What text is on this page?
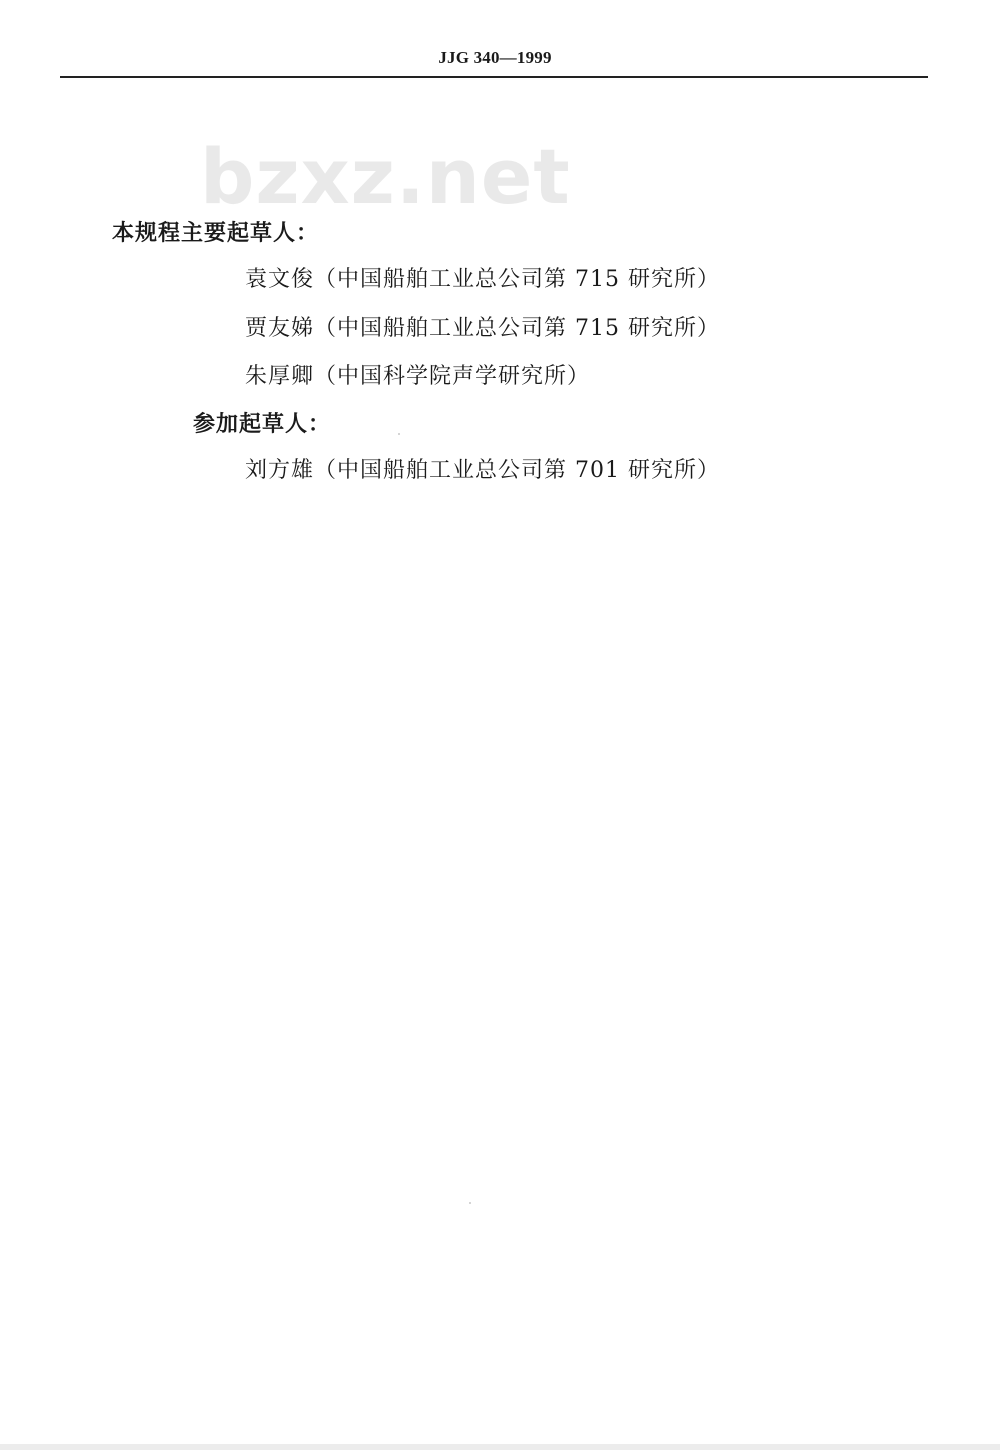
JJG 340—1999
bzxz.net
本规程主要起草人：
袁文俊（中国船舶工业总公司第 715 研究所）
贾友娣（中国船舶工业总公司第 715 研究所）
朱厚卿（中国科学院声学研究所）
参加起草人：
刘方雄（中国船舶工业总公司第 701 研究所）
